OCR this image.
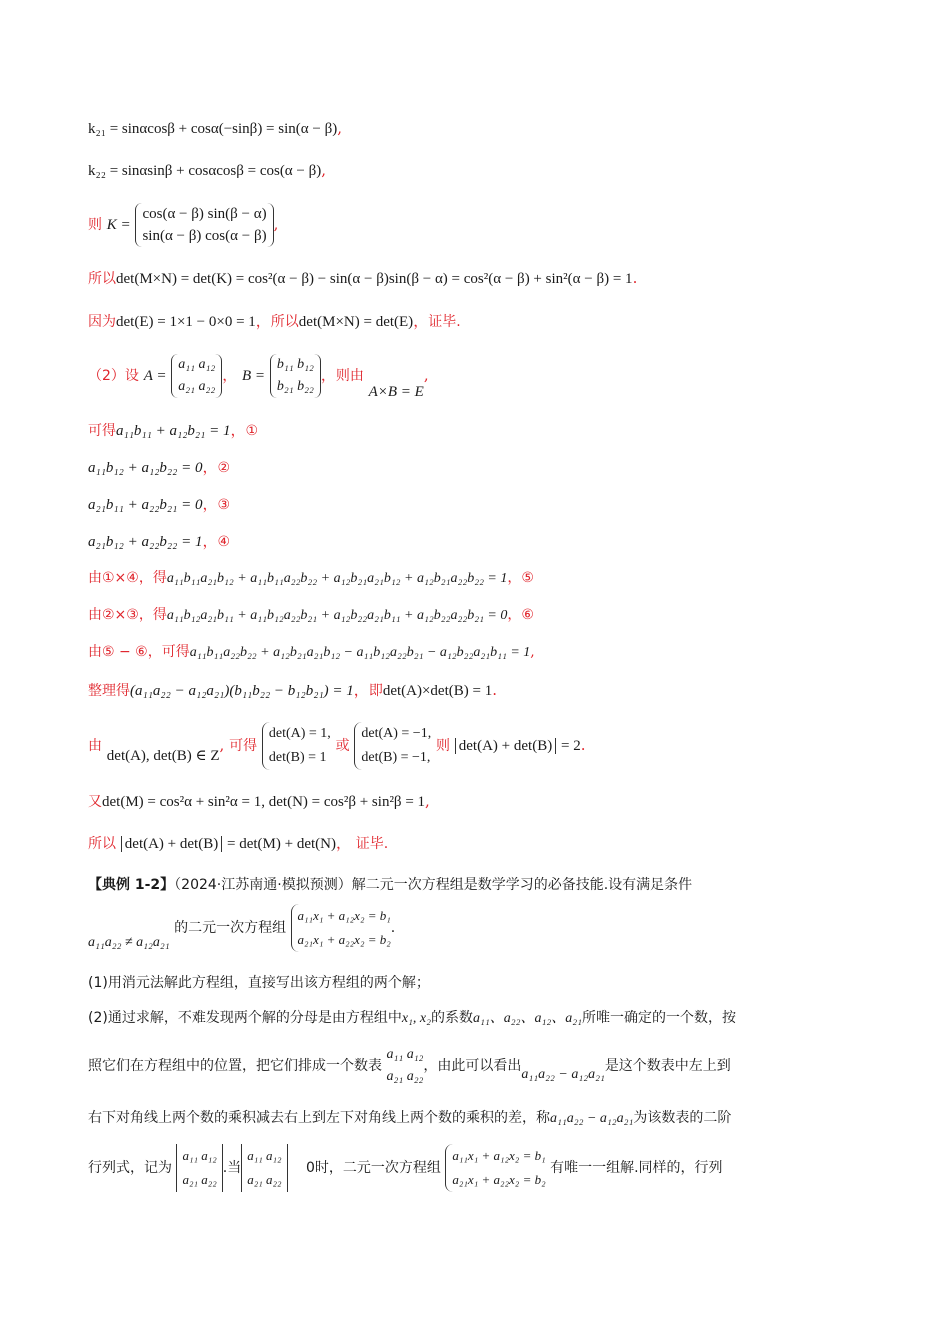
k₂₁ = sinαcosβ + cosα(−sinβ) = sin(α − β),
k₂₂ = sinαsinβ + cosαcosβ = cos(α − β),
则 K =
cos(α − β) sin(β − α)
sin(α − β) cos(α − β)
,
所以det(M×N) = det(K) = cos²(α − β) − sin(α − β)sin(β − α) = cos²(α − β) + sin²(α − β) = 1.
因为det(E) = 1×1 − 0×0 = 1，所以det(M×N) = det(E)，证毕.
（2）设 A =
a₁₁ a₁₂
a₂₁ a₂₂
， B =
b₁₁ b₁₂
b₂₁ b₂₂
，则由 A×B = E,
可得a₁₁b₁₁ + a₁₂b₂₁ = 1，①
a₁₁b₁₂ + a₁₂b₂₂ = 0，②
a₂₁b₁₁ + a₂₂b₂₁ = 0，③
a₂₁b₁₂ + a₂₂b₂₂ = 1，④
由①×④，得a₁₁b₁₁a₂₁b₁₂ + a₁₁b₁₁a₂₂b₂₂ + a₁₂b₂₁a₂₁b₁₂ + a₁₂b₂₁a₂₂b₂₂ = 1，⑤
由②×③，得a₁₁b₁₂a₂₁b₁₁ + a₁₁b₁₂a₂₂b₂₁ + a₁₂b₂₂a₂₁b₁₁ + a₁₂b₂₂a₂₂b₂₁ = 0，⑥
由⑤ − ⑥，可得a₁₁b₁₁a₂₂b₂₂ + a₁₂b₂₁a₂₁b₁₂ − a₁₁b₁₂a₂₂b₂₁ − a₁₂b₂₂a₂₁b₁₁ = 1,
整理得(a₁₁a₂₂ − a₁₂a₂₁)(b₁₁b₂₂ − b₁₂b₂₁) = 1，即det(A)×det(B) = 1.
由 det(A), det(B) ∈ Z, 可得
det(A) = 1,
det(B) = 1
或
det(A) = −1,
det(B) = −1,
则 det(A) + det(B) = 2.
又det(M) = cos²α + sin²α = 1, det(N) = cos²β + sin²β = 1,
所以 det(A) + det(B) = det(M) + det(N)， 证毕.
【典例 1-2】（2024·江苏南通·模拟预测）解二元一次方程组是数学学习的必备技能.设有满足条件
a₁₁a₂₂ ≠ a₁₂a₂₁ 的二元一次方程组
a₁₁x₁ + a₁₂x₂ = b₁
a₂₁x₁ + a₂₂x₂ = b₂
.
(1)用消元法解此方程组，直接写出该方程组的两个解；
(2)通过求解，不难发现两个解的分母是由方程组中x₁, x₂的系数a₁₁、a₂₂、a₁₂、a₂₁所唯一确定的一个数，按
照它们在方程组中的位置，把它们排成一个数表
a₁₁ a₁₂
a₂₁ a₂₂
，由此可以看出a₁₁a₂₂ − a₁₂a₂₁是这个数表中左上到
右下对角线上两个数的乘积减去右上到左下对角线上两个数的乘积的差，称a₁₁a₂₂ − a₁₂a₂₁为该数表的二阶
行列式，记为
a₁₁ a₁₂
a₂₁ a₂₂
.当
a₁₁ a₁₂
a₂₁ a₂₂
0时，二元一次方程组
a₁₁x₁ + a₁₂x₂ = b₁
a₂₁x₁ + a₂₂x₂ = b₂
有唯一一组解.同样的，行列
